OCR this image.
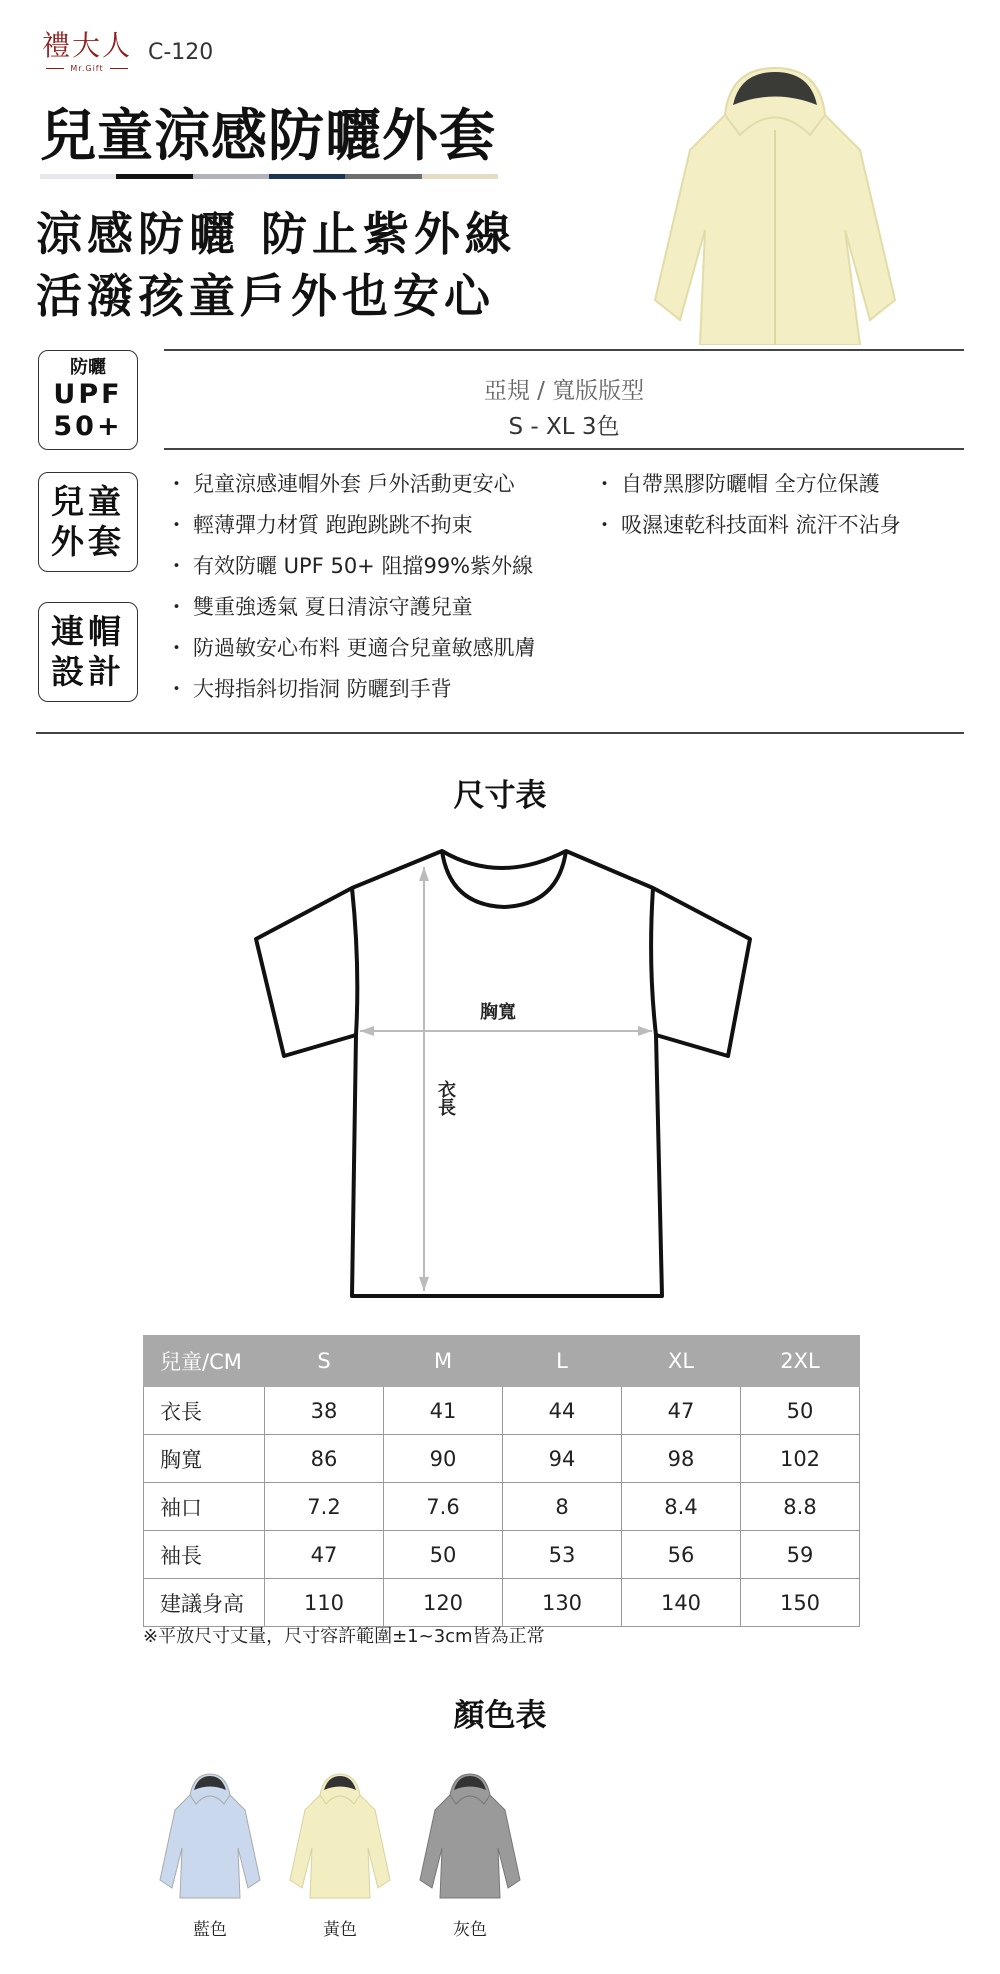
禮大人
Mr.Gift
C-120
兒童涼感防曬外套
涼感防曬 防止紫外線
活潑孩童戶外也安心
防曬
UPF
50+
兒童
外套
連帽
設計
亞規 / 寬版版型
S - XL 3色
・ 兒童涼感連帽外套 戶外活動更安心
・ 輕薄彈力材質 跑跑跳跳不拘束
・ 有效防曬 UPF 50+ 阻擋99%紫外線
・ 雙重強透氣 夏日清涼守護兒童
・ 防過敏安心布料 更適合兒童敏感肌膚
・ 大拇指斜切指洞 防曬到手背
・ 自帶黑膠防曬帽 全方位保護
・ 吸濕速乾科技面料 流汗不沾身
尺寸表
胸寬
衣長
兒童/CM	S	M	L	XL	2XL
衣長	38	41	44	47	50
胸寬	86	90	94	98	102
袖口	7.2	7.6	8	8.4	8.8
袖長	47	50	53	56	59
建議身高	110	120	130	140	150
※平放尺寸丈量，尺寸容許範圍±1~3cm皆為正常
顏色表
藍色	黃色	灰色
